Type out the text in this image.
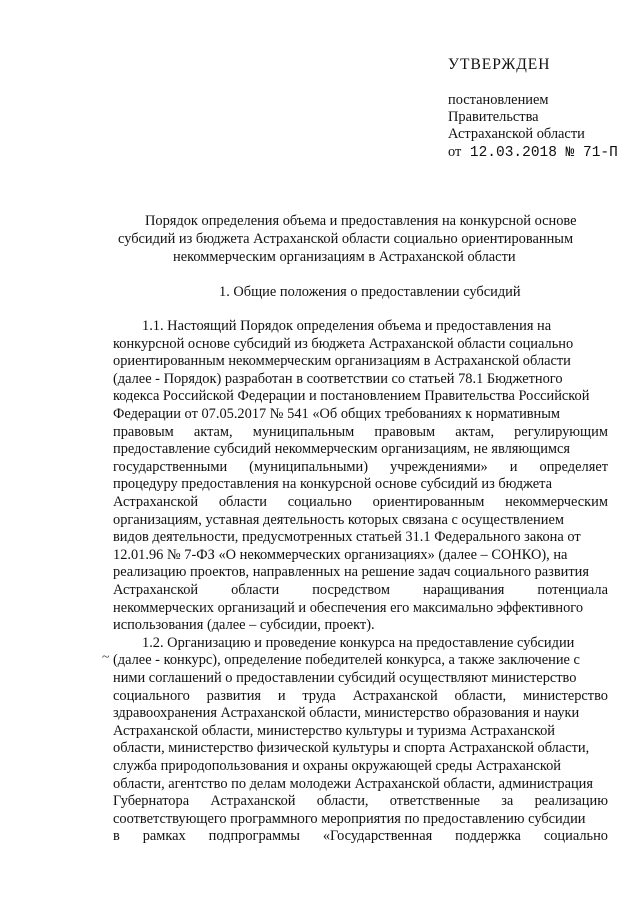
УТВЕРЖДЕН
постановлением
Правительства
Астраханской области
от 12.03.2018 № 71-П
Порядок определения объема и предоставления на конкурсной основе
субсидий из бюджета Астраханской области социально ориентированным
некоммерческим организациям в Астраханской области
1. Общие положения о предоставлении субсидий
~
1.1. Настоящий Порядок определения объема и предоставления на
конкурсной основе субсидий из бюджета Астраханской области социально
ориентированным некоммерческим организациям в Астраханской области
(далее - Порядок) разработан в соответствии со статьей 78.1 Бюджетного
кодекса Российской Федерации и постановлением Правительства Российской
Федерации от 07.05.2017 № 541 «Об общих требованиях к нормативным
правовым актам, муниципальным правовым актам, регулирующим
предоставление субсидий некоммерческим организациям, не являющимся
государственными (муниципальными) учреждениями» и определяет
процедуру предоставления на конкурсной основе субсидий из бюджета
Астраханской области социально ориентированным некоммерческим
организациям, уставная деятельность которых связана с осуществлением
видов деятельности, предусмотренных статьей 31.1 Федерального закона от
12.01.96 № 7-ФЗ «О некоммерческих организациях» (далее – СОНКО), на
реализацию проектов, направленных на решение задач социального развития
Астраханской области посредством наращивания потенциала
некоммерческих организаций и обеспечения его максимально эффективного
использования (далее – субсидии, проект).
1.2. Организацию и проведение конкурса на предоставление субсидии
(далее - конкурс), определение победителей конкурса, а также заключение с
ними соглашений о предоставлении субсидий осуществляют министерство
социального развития и труда Астраханской области, министерство
здравоохранения Астраханской области, министерство образования и науки
Астраханской области, министерство культуры и туризма Астраханской
области, министерство физической культуры и спорта Астраханской области,
служба природопользования и охраны окружающей среды Астраханской
области, агентство по делам молодежи Астраханской области, администрация
Губернатора Астраханской области, ответственные за реализацию
соответствующего программного мероприятия по предоставлению субсидии
в рамках подпрограммы «Государственная поддержка социально
